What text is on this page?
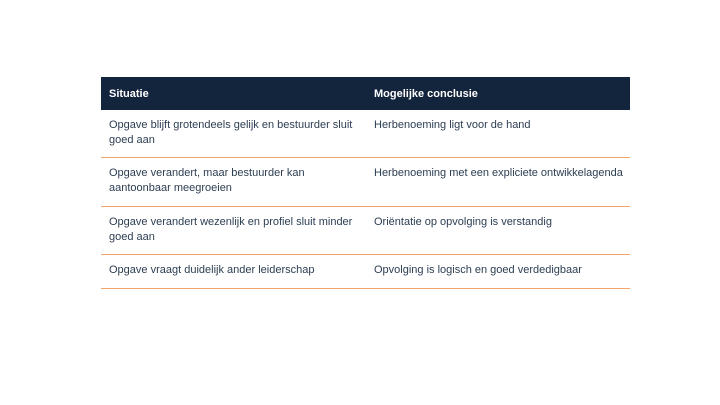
Situatie	Mogelijke conclusie
Opgave blijft grotendeels gelijk en bestuurder sluit goed aan
Herbenoeming ligt voor de hand
Opgave verandert, maar bestuurder kan aantoonbaar meegroeien
Herbenoeming met een expliciete ontwikkelagenda
Opgave verandert wezenlijk en profiel sluit minder goed aan
Oriëntatie op opvolging is verstandig
Opgave vraagt duidelijk ander leiderschap	Opvolging is logisch en goed verdedigbaar
